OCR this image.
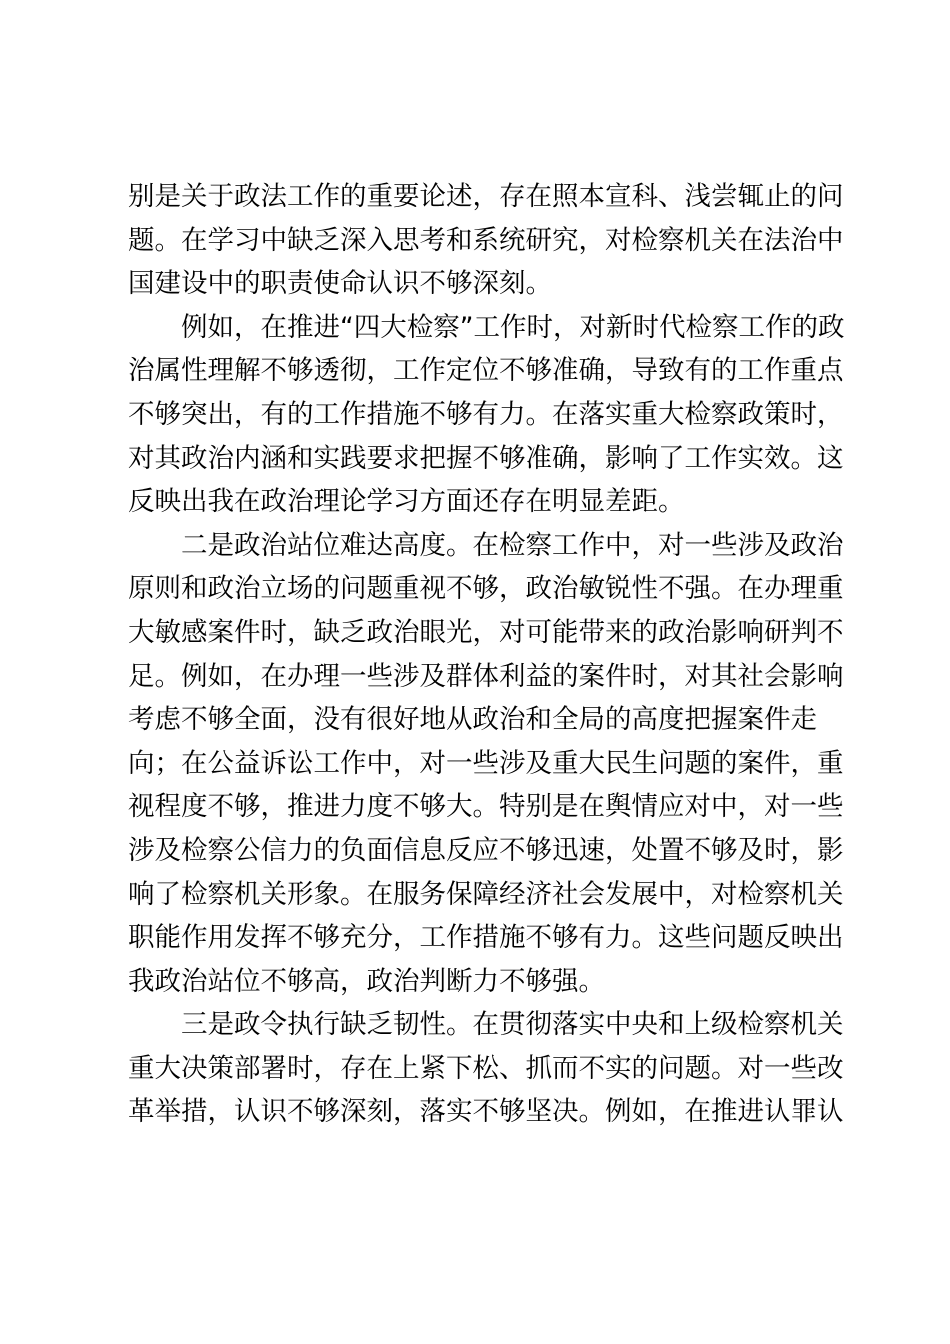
别是关于政法工作的重要论述，存在照本宣科、浅尝辄止的问
题。在学习中缺乏深入思考和系统研究，对检察机关在法治中
国建设中的职责使命认识不够深刻。
例如，在推进“四大检察”工作时，对新时代检察工作的政
治属性理解不够透彻，工作定位不够准确，导致有的工作重点
不够突出，有的工作措施不够有力。在落实重大检察政策时，
对其政治内涵和实践要求把握不够准确，影响了工作实效。这
反映出我在政治理论学习方面还存在明显差距。
二是政治站位难达高度。在检察工作中，对一些涉及政治
原则和政治立场的问题重视不够，政治敏锐性不强。在办理重
大敏感案件时，缺乏政治眼光，对可能带来的政治影响研判不
足。例如，在办理一些涉及群体利益的案件时，对其社会影响
考虑不够全面，没有很好地从政治和全局的高度把握案件走
向；在公益诉讼工作中，对一些涉及重大民生问题的案件，重
视程度不够，推进力度不够大。特别是在舆情应对中，对一些
涉及检察公信力的负面信息反应不够迅速，处置不够及时，影
响了检察机关形象。在服务保障经济社会发展中，对检察机关
职能作用发挥不够充分，工作措施不够有力。这些问题反映出
我政治站位不够高，政治判断力不够强。
三是政令执行缺乏韧性。在贯彻落实中央和上级检察机关
重大决策部署时，存在上紧下松、抓而不实的问题。对一些改
革举措，认识不够深刻，落实不够坚决。例如，在推进认罪认
